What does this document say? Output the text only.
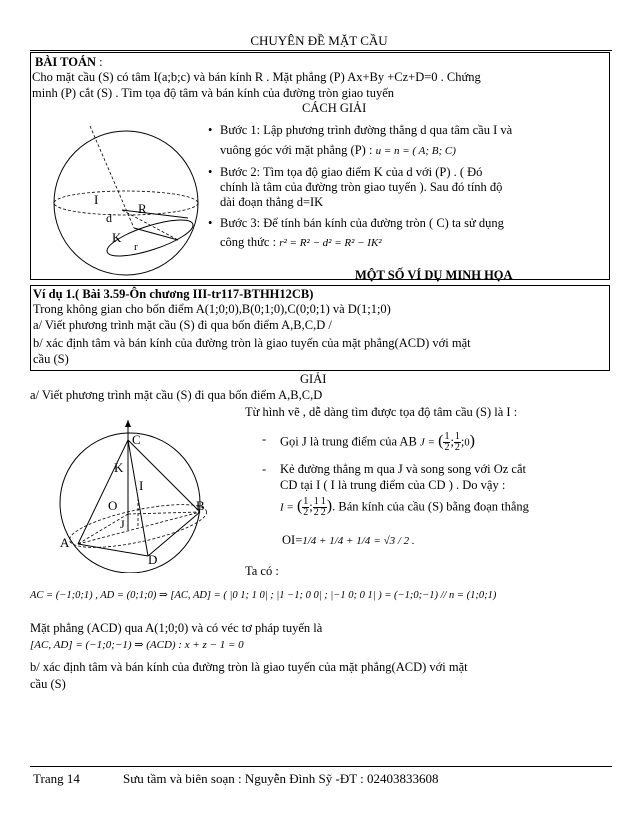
CHUYÊN ĐỀ MẶT CẦU
BÀI TOÁN :
Cho mặt cầu (S) có tâm I(a;b;c) và bán kính R . Mặt phẳng (P) Ax+By +Cz+D=0 . Chứng
minh (P) cắt (S) . Tìm tọa độ tâm và bán kính của đường tròn giao tuyến
CÁCH GIẢI
I
R
d
K
r
• Bước 1: Lập phương trình đường thẳng d qua tâm cầu I và
vuông góc với mặt phẳng (P) : u = n = ( A; B; C)
• Bước 2: Tìm tọa độ giao điểm K của d với (P) . ( Đó
chính là tâm của đường tròn giao tuyến ). Sau đó tính độ
dài đoạn thẳng d=IK
• Bước 3: Để tính bán kính của đường tròn ( C) ta sử dụng
công thức : r² = R² − d² = R² − IK²
MỘT SỐ VÍ DỤ MINH HỌA
Ví dụ 1.( Bài 3.59-Ôn chương III-tr117-BTHH12CB)
Trong không gian cho bốn điểm A(1;0;0),B(0;1;0),C(0;0;1) và D(1;1;0)
a/ Viết phương trình mặt cầu (S) đi qua bốn điểm A,B,C,D /
b/ xác định tâm và bán kính của đường tròn là giao tuyến của mặt phẳng(ACD) với mặt
cầu (S)
GIẢI
a/ Viết phương trình mặt cầu (S) đi qua bốn điểm A,B,C,D
Từ hình vẽ , dễ dàng tìm được tọa độ tâm cầu (S) là I :
C
K
I
O	B
J
A
D
- Gọi J là trung điểm của AB J = ( $\frac{1}{2}$ ; $\frac{1}{2}$ ;0)
- Kẻ đường thẳng m qua J và song song với Oz cắt
CD tại I ( I là trung điểm của CD ) . Do vậy :
I = ( $\frac{1}{2}$ ; $\frac{1}{2} \frac{1}{2}$ ). Bán kính của cầu (S) bằng đoạn thẳng
OI=1/4 + 1/4 + 1/4 = √3 / 2 .
Ta có :
AC = (−1;0;1) , AD = (0;1;0) ⇒ [AC, AD] = ( |0 1; 1 0| ; |1 −1; 0 0| ; |−1 0; 0 1| ) = (−1;0;−1) // n = (1;0;1)
Mặt phẳng (ACD) qua A(1;0;0) và có véc tơ pháp tuyến là
[AC, AD] = (−1;0;−1) ⇒ (ACD) : x + z − 1 = 0
b/ xác định tâm và bán kính của đường tròn là giao tuyến của mặt phẳng(ACD) với mặt
cầu (S)
Trang 14	Sưu tầm và biên soạn : Nguyễn Đình Sỹ -ĐT : 02403833608
